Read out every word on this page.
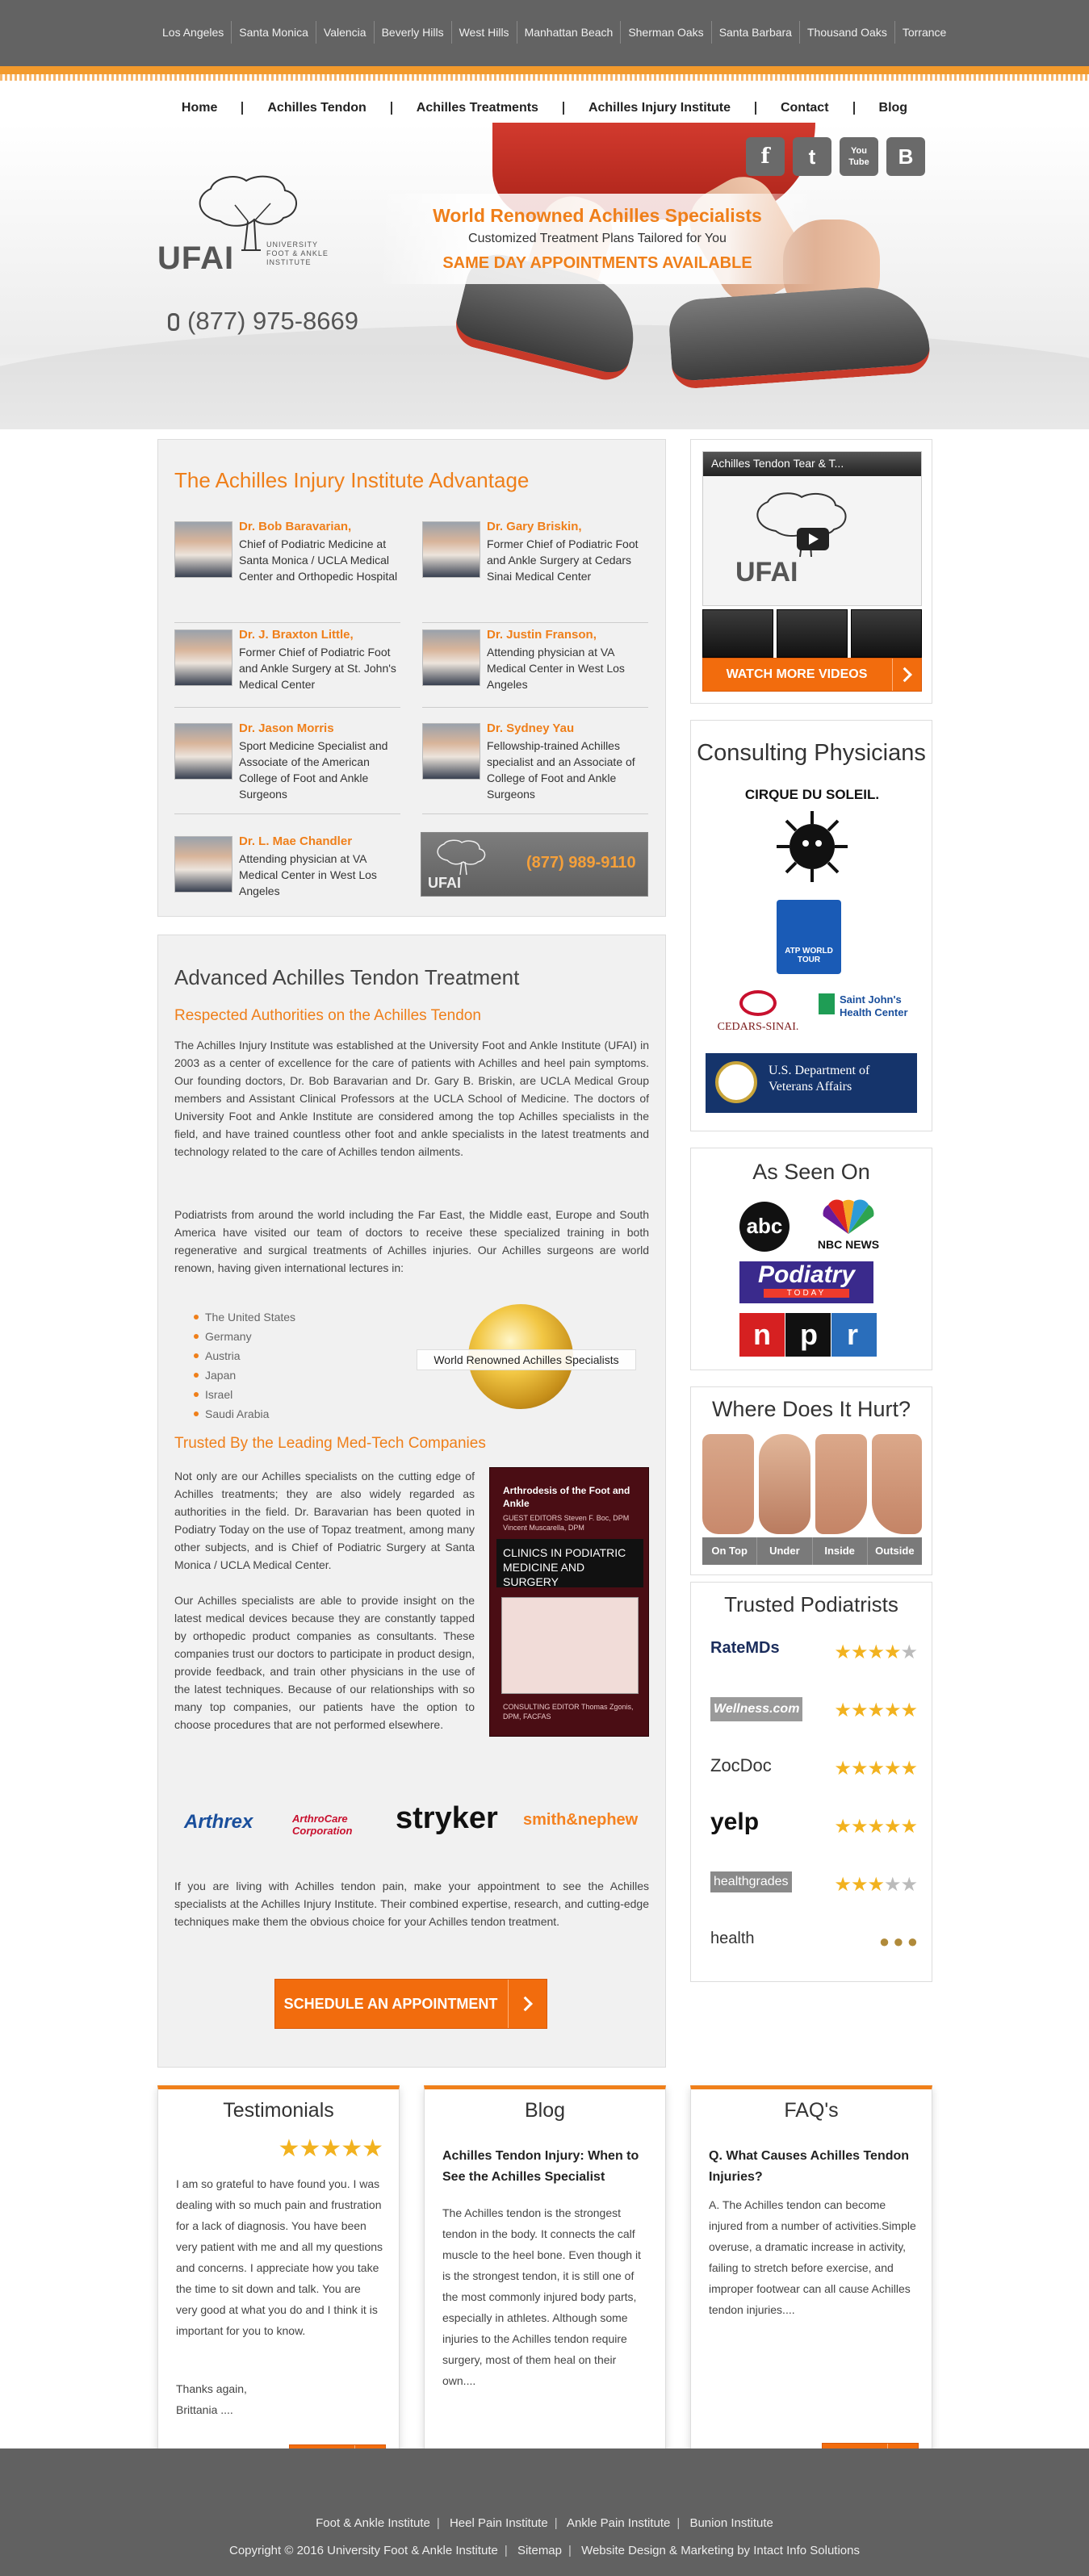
Los Angeles	Santa Monica	Valencia	Beverly Hills	West Hills	Manhattan Beach	Sherman Oaks	Santa Barbara	Thousand Oaks	Torrance
Home	Achilles Tendon	Achilles Treatments	Achilles Injury Institute	Contact	Blog
UFAI	UNIVERSITY
FOOT & ANKLE
INSTITUTE
(877) 975-8669
World Renowned Achilles Specialists
Customized Treatment Plans Tailored for You
SAME DAY APPOINTMENTS AVAILABLE
f	t	You Tube	B
The Achilles Injury Institute Advantage
Dr. Bob Baravarian,
Chief of Podiatric Medicine at Santa Monica / UCLA Medical Center and Orthopedic Hospital
Dr. Gary Briskin,
Former Chief of Podiatric Foot and Ankle Surgery at Cedars Sinai Medical Center
Dr. J. Braxton Little,
Former Chief of Podiatric Foot and Ankle Surgery at St. John's Medical Center
Dr. Justin Franson,
Attending physician at VA Medical Center in West Los Angeles
Dr. Jason Morris
Sport Medicine Specialist and Associate of the American College of Foot and Ankle Surgeons
Dr. Sydney Yau
Fellowship-trained Achilles specialist and an Associate of College of Foot and Ankle Surgeons
Dr. L. Mae Chandler
Attending physician at VA Medical Center in West Los Angeles	UFAI
(877) 989-9110
Advanced Achilles Tendon Treatment
Respected Authorities on the Achilles Tendon
The Achilles Injury Institute was established at the University Foot and Ankle Institute (UFAI) in 2003 as a center of excellence for the care of patients with Achilles and heel pain symptoms. Our founding doctors, Dr. Bob Baravarian and Dr. Gary B. Briskin, are UCLA Medical Group members and Assistant Clinical Professors at the UCLA School of Medicine. The doctors of University Foot and Ankle Institute are considered among the top Achilles specialists in the field, and have trained countless other foot and ankle specialists in the latest treatments and technology related to the care of Achilles tendon ailments.
Podiatrists from around the world including the Far East, the Middle east, Europe and South America have visited our team of doctors to receive these specialized training in both regenerative and surgical treatments of Achilles injuries. Our Achilles surgeons are world renown, having given international lectures in:
The United States
Germany
Austria
Japan
Israel
Saudi Arabia
World Renowned Achilles Specialists
Trusted By the Leading Med-Tech Companies
Not only are our Achilles specialists on the cutting edge of Achilles treatments; they are also widely regarded as authorities in the field. Dr. Baravarian has been quoted in Podiatry Today on the use of Topaz treatment, among many other subjects, and is Chief of Podiatric Surgery at Santa Monica / UCLA Medical Center.
Our Achilles specialists are able to provide insight on the latest medical devices because they are constantly tapped by orthopedic product companies as consultants. These companies trust our doctors to participate in product design, provide feedback, and train other physicians in the use of the latest techniques. Because of our relationships with so many top companies, our patients have the option to choose procedures that are not performed elsewhere.
Arthrodesis of the Foot and Ankle
GUEST EDITORS Steven F. Boc, DPM Vincent Muscarella, DPM
CLINICS IN PODIATRIC MEDICINE AND SURGERY
CONSULTING EDITOR Thomas Zgonis, DPM, FACFAS
Arthrex	ArthroCare Corporation	stryker smith&nephew
If you are living with Achilles tendon pain, make your appointment to see the Achilles specialists at the Achilles Injury Institute. Their combined expertise, research, and cutting-edge techniques make them the obvious choice for your Achilles tendon treatment.
SCHEDULE AN APPOINTMENT
Achilles Tendon Tear & T...
UFAI
WATCH MORE VIDEOS
Consulting Physicians
CIRQUE DU SOLEIL.
ATP WORLD TOUR
CEDARS-SINAI.
Saint John's Health Center
U.S. Department of Veterans Affairs
As Seen On
abc
NBC NEWS
Podiatry
TODAY
npr
Where Does It Hurt?
On Top	Under	Inside	Outside
Trusted Podiatrists
RateMDs	★★★★★
Wellness.com ★★★★★
ZocDoc	★★★★★
yelp	★★★★★
healthgrades ★★★★★
health	● ● ●
Testimonials
★★★★★
I am so grateful to have found you. I was dealing with so much pain and frustration for a lack of diagnosis. You have been very patient with me and all my questions and concerns. I appreciate how you take the time to sit down and talk. You are very good at what you do and I think it is important for you to know.
Thanks again,
Brittania ....
Blog
Achilles Tendon Injury: When to See the Achilles Specialist
The Achilles tendon is the strongest tendon in the body. It connects the calf muscle to the heel bone. Even though it is the strongest tendon, it is still one of the most commonly injured body parts, especially in athletes. Although some injuries to the Achilles tendon require surgery, most of them heal on their own....
FAQ's
Q. What Causes Achilles Tendon Injuries?
A. The Achilles tendon can become injured from a number of activities.Simple overuse, a dramatic increase in activity, failing to stretch before exercise, and improper footwear can all cause Achilles tendon injuries....
Foot & Ankle Institute | Heel Pain Institute | Ankle Pain Institute | Bunion Institute
Copyright © 2016 University Foot & Ankle Institute | Sitemap | Website Design & Marketing by Intact Info Solutions
